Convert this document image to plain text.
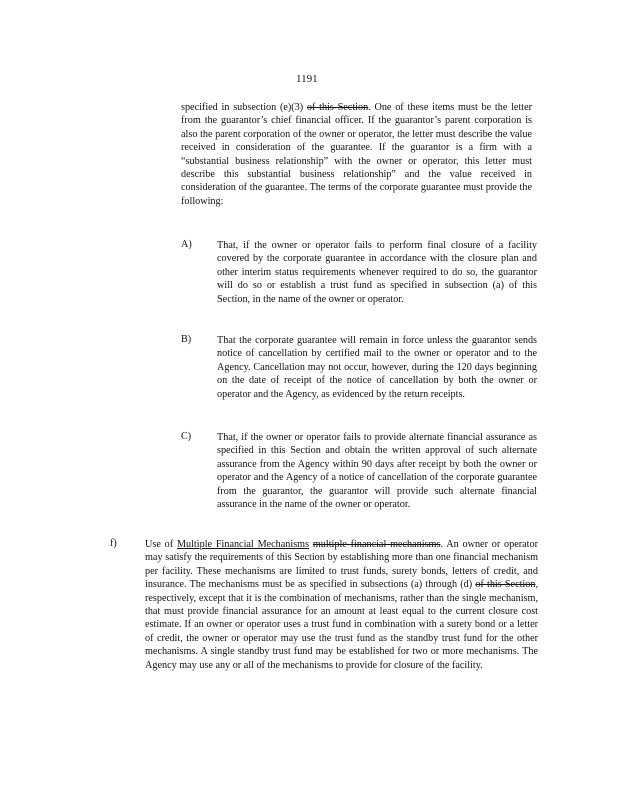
1191
specified in subsection (e)(3) of this Section. One of these items must be the letter from the guarantor’s chief financial officer. If the guarantor’s parent corporation is also the parent corporation of the owner or operator, the letter must describe the value received in consideration of the guarantee. If the guarantor is a firm with a “substantial business relationship” with the owner or operator, this letter must describe this substantial business relationship” and the value received in consideration of the guarantee. The terms of the corporate guarantee must provide the following:
A) That, if the owner or operator fails to perform final closure of a facility covered by the corporate guarantee in accordance with the closure plan and other interim status requirements whenever required to do so, the guarantor will do so or establish a trust fund as specified in subsection (a) of this Section, in the name of the owner or operator.
B)	That the corporate guarantee will remain in force unless the guarantor sends notice of cancellation by certified mail to the owner or operator and to the Agency. Cancellation may not occur, however, during the 120 days beginning on the date of receipt of the notice of cancellation by both the owner or operator and the Agency, as evidenced by the return receipts.
C)	That, if the owner or operator fails to provide alternate financial assurance as specified in this Section and obtain the written approval of such alternate assurance from the Agency within 90 days after receipt by both the owner or operator and the Agency of a notice of cancellation of the corporate guarantee from the guarantor, the guarantor will provide such alternate financial assurance in the name of the owner or operator.
f)	Use of Multiple Financial Mechanisms multiple financial mechanisms. An owner or operator may satisfy the requirements of this Section by establishing more than one financial mechanism per facility. These mechanisms are limited to trust funds, surety bonds, letters of credit, and insurance. The mechanisms must be as specified in subsections (a) through (d) of this Section, respectively, except that it is the combination of mechanisms, rather than the single mechanism, that must provide financial assurance for an amount at least equal to the current closure cost estimate. If an owner or operator uses a trust fund in combination with a surety bond or a letter of credit, the owner or operator may use the trust fund as the standby trust fund for the other mechanisms. A single standby trust fund may be established for two or more mechanisms. The Agency may use any or all of the mechanisms to provide for closure of the facility.
